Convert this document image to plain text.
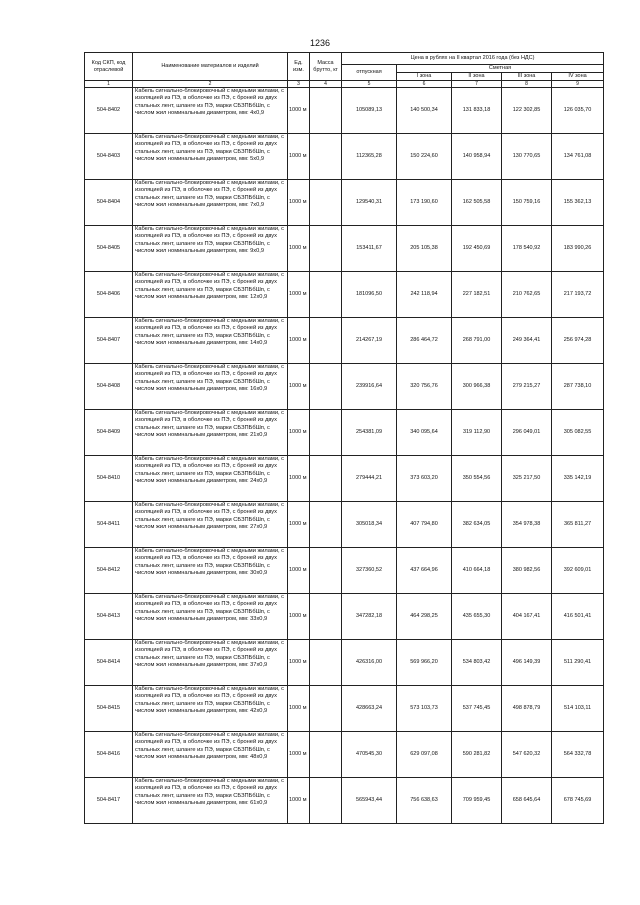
1236
Код СКП, код отраслевой	Наименование материалов и изделий	Ед. изм.	Масса брутто, кг	Цена в рублях на II квартал 2016 года (без НДС)				
				отпускная	Сметная			
					I зона	II зона	III зона	IV зона
1	2	3	4	5	6	7	8	9
504-8402	Кабель сигнально-блокировочный с медными жилами, с изоляцией из ПЭ, в оболочке из ПЭ, с броней из двух стальных лент, шланге из ПЭ, марки СБЗПБбШп, с числом жил номинальным диаметром, мм: 4х0,9	1000 м		105089,13	140 500,34	131 833,18	122 302,85	126 035,70
504-8403	Кабель сигнально-блокировочный с медными жилами, с изоляцией из ПЭ, в оболочке из ПЭ, с броней из двух стальных лент, шланге из ПЭ, марки СБЗПБбШп, с числом жил номинальным диаметром, мм: 5х0,9	1000 м		112365,28	150 224,60	140 958,94	130 770,65	134 761,08
504-8404	Кабель сигнально-блокировочный с медными жилами, с изоляцией из ПЭ, в оболочке из ПЭ, с броней из двух стальных лент, шланге из ПЭ, марки СБЗПБбШп, с числом жил номинальным диаметром, мм: 7х0,9	1000 м		129540,31	173 190,60	162 505,58	150 759,16	155 362,13
504-8405	Кабель сигнально-блокировочный с медными жилами, с изоляцией из ПЭ, в оболочке из ПЭ, с броней из двух стальных лент, шланге из ПЭ, марки СБЗПБбШп, с числом жил номинальным диаметром, мм: 9х0,9	1000 м		153411,67	205 105,38	192 450,69	178 540,92	183 990,26
504-8406	Кабель сигнально-блокировочный с медными жилами, с изоляцией из ПЭ, в оболочке из ПЭ, с броней из двух стальных лент, шланге из ПЭ, марки СБЗПБбШп, с числом жил номинальным диаметром, мм: 12х0,9	1000 м		181096,50	242 118,94	227 182,51	210 762,65	217 193,72
504-8407	Кабель сигнально-блокировочный с медными жилами, с изоляцией из ПЭ, в оболочке из ПЭ, с броней из двух стальных лент, шланге из ПЭ, марки СБЗПБбШп, с числом жил номинальным диаметром, мм: 14х0,9	1000 м		214267,19	286 464,72	268 791,00	249 364,41	256 974,28
504-8408	Кабель сигнально-блокировочный с медными жилами, с изоляцией из ПЭ, в оболочке из ПЭ, с броней из двух стальных лент, шланге из ПЭ, марки СБЗПБбШп, с числом жил номинальным диаметром, мм: 16х0,9	1000 м		239916,64	320 756,76	300 966,38	279 215,27	287 738,10
504-8409	Кабель сигнально-блокировочный с медными жилами, с изоляцией из ПЭ, в оболочке из ПЭ, с броней из двух стальных лент, шланге из ПЭ, марки СБЗПБбШп, с числом жил номинальным диаметром, мм: 21х0,9	1000 м		254381,09	340 095,64	319 112,90	296 049,01	305 082,55
504-8410	Кабель сигнально-блокировочный с медными жилами, с изоляцией из ПЭ, в оболочке из ПЭ, с броней из двух стальных лент, шланге из ПЭ, марки СБЗПБбШп, с числом жил номинальным диаметром, мм: 24х0,9	1000 м		279444,21	373 603,20	350 554,56	325 217,50	335 142,19
504-8411	Кабель сигнально-блокировочный с медными жилами, с изоляцией из ПЭ, в оболочке из ПЭ, с броней из двух стальных лент, шланге из ПЭ, марки СБЗПБбШп, с числом жил номинальным диаметром, мм: 27х0,9	1000 м		305018,34	407 794,80	382 634,05	354 978,38	365 811,27
504-8412	Кабель сигнально-блокировочный с медными жилами, с изоляцией из ПЭ, в оболочке из ПЭ, с броней из двух стальных лент, шланге из ПЭ, марки СБЗПБбШп, с числом жил номинальным диаметром, мм: 30х0,9	1000 м		327360,52	437 664,96	410 664,18	380 982,56	392 609,01
504-8413	Кабель сигнально-блокировочный с медными жилами, с изоляцией из ПЭ, в оболочке из ПЭ, с броней из двух стальных лент, шланге из ПЭ, марки СБЗПБбШп, с числом жил номинальным диаметром, мм: 33х0,9	1000 м		347282,18	464 298,25	435 655,30	404 167,41	416 501,41
504-8414	Кабель сигнально-блокировочный с медными жилами, с изоляцией из ПЭ, в оболочке из ПЭ, с броней из двух стальных лент, шланге из ПЭ, марки СБЗПБбШп, с числом жил номинальным диаметром, мм: 37х0,9	1000 м		426316,00	569 966,20	534 803,42	496 149,39	511 290,41
504-8415	Кабель сигнально-блокировочный с медными жилами, с изоляцией из ПЭ, в оболочке из ПЭ, с броней из двух стальных лент, шланге из ПЭ, марки СБЗПБбШп, с числом жил номинальным диаметром, мм: 42х0,9	1000 м		428663,24	573 103,73	537 745,45	498 878,79	514 103,11
504-8416	Кабель сигнально-блокировочный с медными жилами, с изоляцией из ПЭ, в оболочке из ПЭ, с броней из двух стальных лент, шланге из ПЭ, марки СБЗПБбШп, с числом жил номинальным диаметром, мм: 48х0,9	1000 м		470545,30	629 097,08	590 281,82	547 620,32	564 332,78
504-8417	Кабель сигнально-блокировочный с медными жилами, с изоляцией из ПЭ, в оболочке из ПЭ, с броней из двух стальных лент, шланге из ПЭ, марки СБЗПБбШп, с числом жил номинальным диаметром, мм: 61х0,9	1000 м		565943,44	756 638,63	709 959,45	658 645,64	678 745,69
